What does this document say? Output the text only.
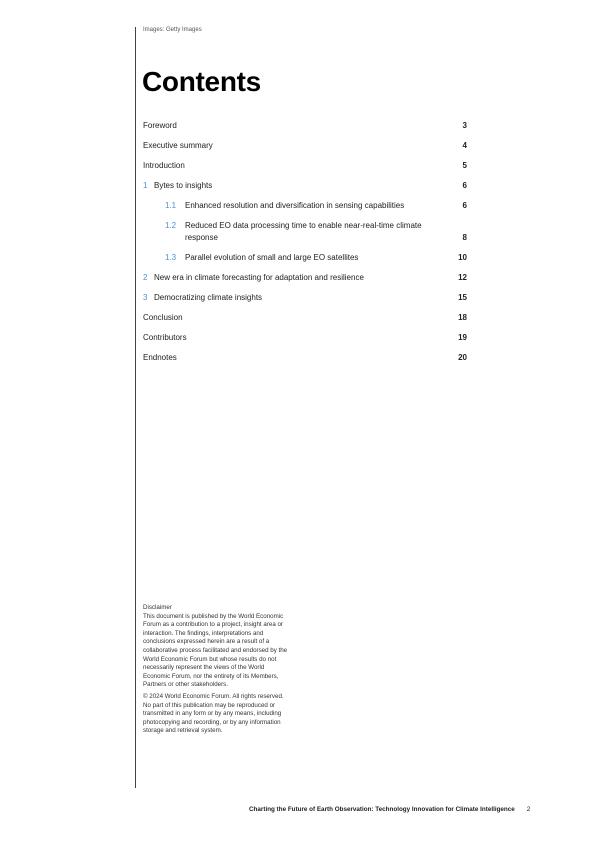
Images: Getty Images
Contents
Foreword	3
Executive summary	4
Introduction	5
1 Bytes to insights	6
1.1 Enhanced resolution and diversification in sensing capabilities	6
1.2 Reduced EO data processing time to enable near-real-time climate response	8
1.3 Parallel evolution of small and large EO satellites	10
2 New era in climate forecasting for adaptation and resilience	12
3 Democratizing climate insights	15
Conclusion	18
Contributors	19
Endnotes	20

Disclaimer
This document is published by the World Economic Forum as a contribution to a project, insight area or interaction. The findings, interpretations and conclusions expressed herein are a result of a collaborative process facilitated and endorsed by the World Economic Forum but whose results do not necessarily represent the views of the World Economic Forum, nor the entirety of its Members, Partners or other stakeholders.

© 2024 World Economic Forum. All rights reserved. No part of this publication may be reproduced or transmitted in any form or by any means, including photocopying and recording, or by any information storage and retrieval system.

Charting the Future of Earth Observation: Technology Innovation for Climate Intelligence 2
